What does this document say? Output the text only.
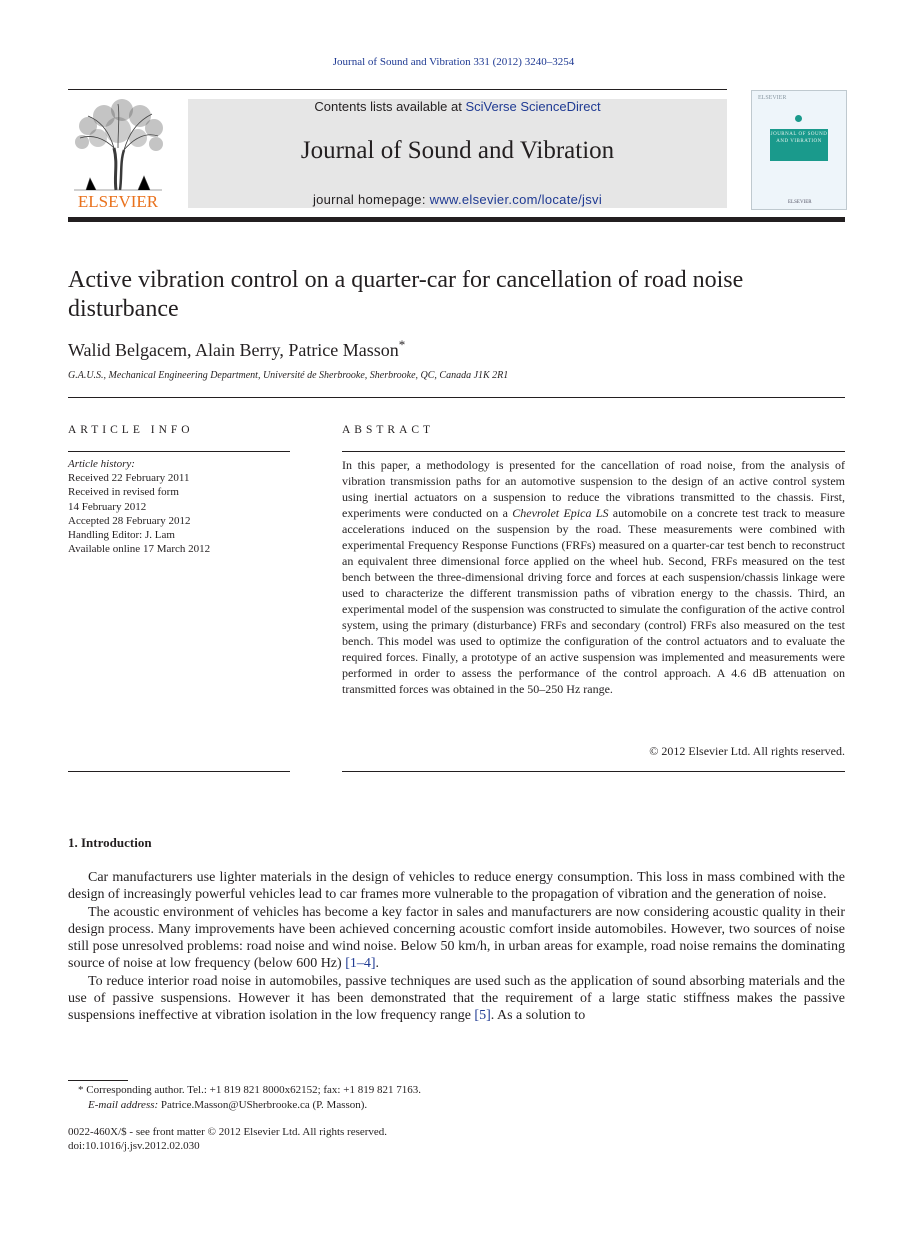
Journal of Sound and Vibration 331 (2012) 3240–3254
ELSEVIER
Contents lists available at SciVerse ScienceDirect
Journal of Sound and Vibration
journal homepage: www.elsevier.com/locate/jsvi
ELSEVIER
JOURNAL OF SOUND AND VIBRATION
ELSEVIER
Active vibration control on a quarter-car for cancellation of road noise disturbance
Walid Belgacem, Alain Berry, Patrice Masson*
G.A.U.S., Mechanical Engineering Department, Université de Sherbrooke, Sherbrooke, QC, Canada J1K 2R1
ARTICLE INFO	ABSTRACT
Article history:
Received 22 February 2011
Received in revised form
14 February 2012
Accepted 28 February 2012
Handling Editor: J. Lam
Available online 17 March 2012
In this paper, a methodology is presented for the cancellation of road noise, from the analysis of vibration transmission paths for an automotive suspension to the design of an active control system using inertial actuators on a suspension to reduce the vibrations transmitted to the chassis. First, experiments were conducted on a Chevrolet Epica LS automobile on a concrete test track to measure accelerations induced on the suspension by the road. These measurements were combined with experimental Frequency Response Functions (FRFs) measured on a quarter-car test bench to reconstruct an equivalent three dimensional force applied on the wheel hub. Second, FRFs measured on the test bench between the three-dimensional driving force and forces at each suspension/chassis linkage were used to characterize the different transmission paths of vibration energy to the chassis. Third, an experimental model of the suspension was constructed to simulate the configuration of the active control system, using the primary (disturbance) FRFs and secondary (control) FRFs also measured on the test bench. This model was used to optimize the configuration of the control actuators and to evaluate the required forces. Finally, a prototype of an active suspension was implemented and measurements were performed in order to assess the performance of the control approach. A 4.6 dB attenuation on transmitted forces was obtained in the 50–250 Hz range.
© 2012 Elsevier Ltd. All rights reserved.
1. Introduction

Car manufacturers use lighter materials in the design of vehicles to reduce energy consumption. This loss in mass combined with the design of increasingly powerful vehicles lead to car frames more vulnerable to the propagation of vibration and the generation of noise.

The acoustic environment of vehicles has become a key factor in sales and manufacturers are now considering acoustic quality in their design process. Many improvements have been achieved concerning acoustic comfort inside automobiles. However, two sources of noise still pose unresolved problems: road noise and wind noise. Below 50 km/h, in urban areas for example, road noise remains the dominating source of noise at low frequency (below 600 Hz) [1–4].

To reduce interior road noise in automobiles, passive techniques are used such as the application of sound absorbing materials and the use of passive suspensions. However it has been demonstrated that the requirement of a large static stiffness makes the passive suspensions ineffective at vibration isolation in the low frequency range [5]. As a solution to

* Corresponding author. Tel.: +1 819 821 8000x62152; fax: +1 819 821 7163.
E-mail address: Patrice.Masson@USherbrooke.ca (P. Masson).
0022-460X/$ - see front matter © 2012 Elsevier Ltd. All rights reserved.
doi:10.1016/j.jsv.2012.02.030
